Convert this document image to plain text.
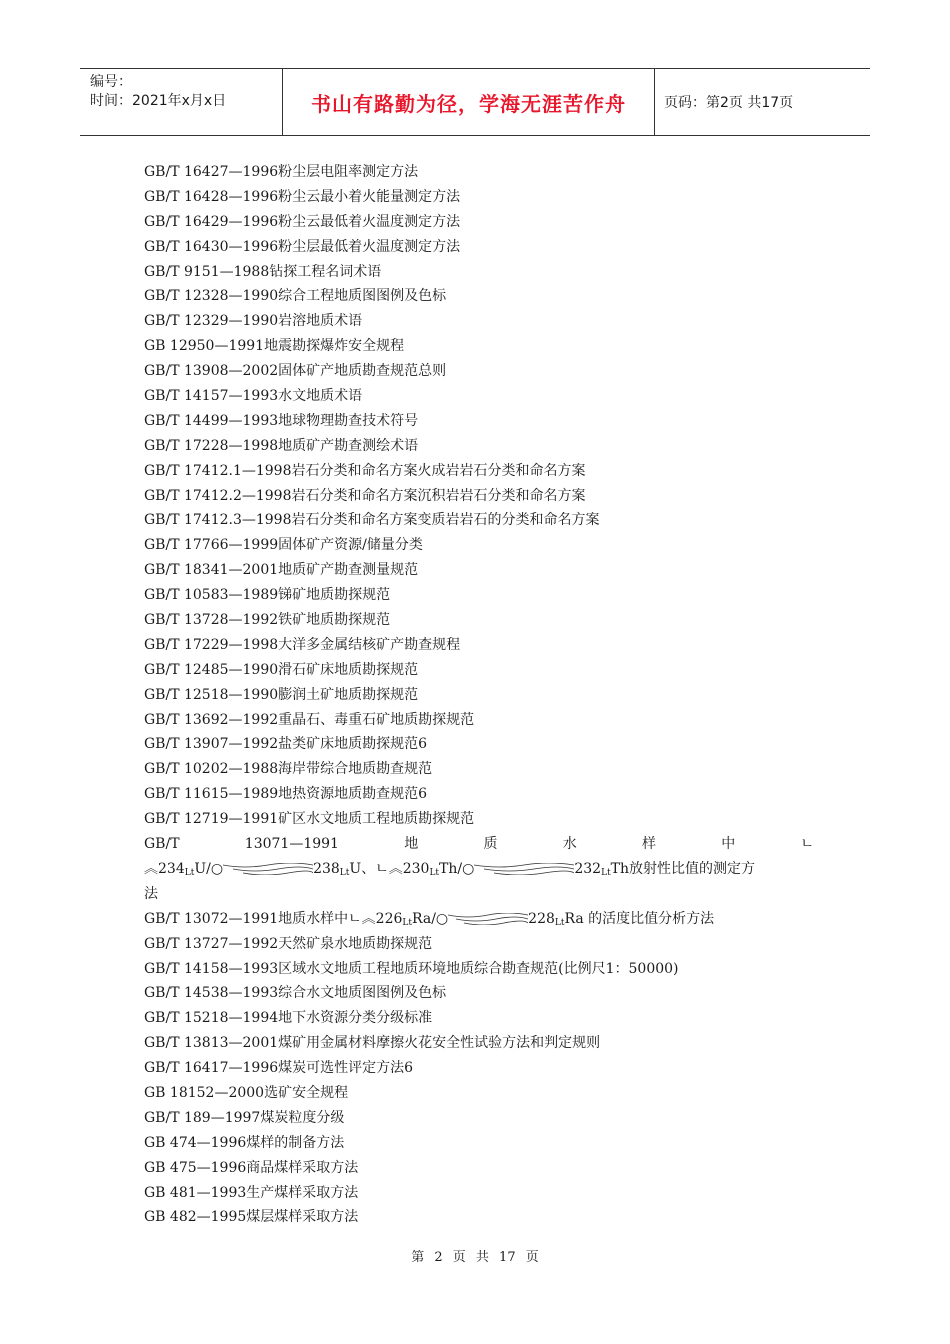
编号：
时间：2021年x月x日	书山有路勤为径，学海无涯苦作舟	页码：第2页 共17页
GB/T 16427—1996粉尘层电阻率测定方法
GB/T 16428—1996粉尘云最小着火能量测定方法
GB/T 16429—1996粉尘云最低着火温度测定方法
GB/T 16430—1996粉尘层最低着火温度测定方法
GB/T 9151—1988钻探工程名词术语
GB/T 12328—1990综合工程地质图图例及色标
GB/T 12329—1990岩溶地质术语
GB 12950—1991地震勘探爆炸安全规程
GB/T 13908—2002固体矿产地质勘查规范总则
GB/T 14157—1993水文地质术语
GB/T 14499—1993地球物理勘查技术符号
GB/T 17228—1998地质矿产勘查测绘术语
GB/T 17412.1—1998岩石分类和命名方案火成岩岩石分类和命名方案
GB/T 17412.2—1998岩石分类和命名方案沉积岩岩石分类和命名方案
GB/T 17412.3—1998岩石分类和命名方案变质岩岩石的分类和命名方案
GB/T 17766—1999固体矿产资源/储量分类
GB/T 18341—2001地质矿产勘查测量规范
GB/T 10583—1989锑矿地质勘探规范
GB/T 13728—1992铁矿地质勘探规范
GB/T 17229—1998大洋多金属结核矿产勘查规程
GB/T 12485—1990滑石矿床地质勘探规范
GB/T 12518—1990膨润土矿地质勘探规范
GB/T 13692—1992重晶石、毒重石矿地质勘探规范
GB/T 13907—1992盐类矿床地质勘探规范6
GB/T 10202—1988海岸带综合地质勘查规范
GB/T 11615—1989地热资源地质勘查规范6
GB/T 12719—1991矿区水文地质工程地质勘探规范
GB/T	13071—1991	地	质	水	样	中	ㄴ
$︽234_{Lt}U/○$	$238_{Lt}U$、ㄴ$︽230_{Lt}Th/○$	$232_{Lt}Th$放射性比值的测定方
法
GB/T 13072—1991地质水样中ㄴ$︽226_{Lt}Ra/○$	$228_{Lt}Ra$ 的活度比值分析方法
GB/T 13727—1992天然矿泉水地质勘探规范
GB/T 14158—1993区域水文地质工程地质环境地质综合勘查规范(比例尺1：50000)
GB/T 14538—1993综合水文地质图图例及色标
GB/T 15218—1994地下水资源分类分级标准
GB/T 13813—2001煤矿用金属材料摩擦火花安全性试验方法和判定规则
GB/T 16417—1996煤炭可选性评定方法6
GB 18152—2000选矿安全规程
GB/T 189—1997煤炭粒度分级
GB 474—1996煤样的制备方法
GB 475—1996商品煤样采取方法
GB 481—1993生产煤样采取方法
GB 482—1995煤层煤样采取方法
第 2 页 共 17 页
